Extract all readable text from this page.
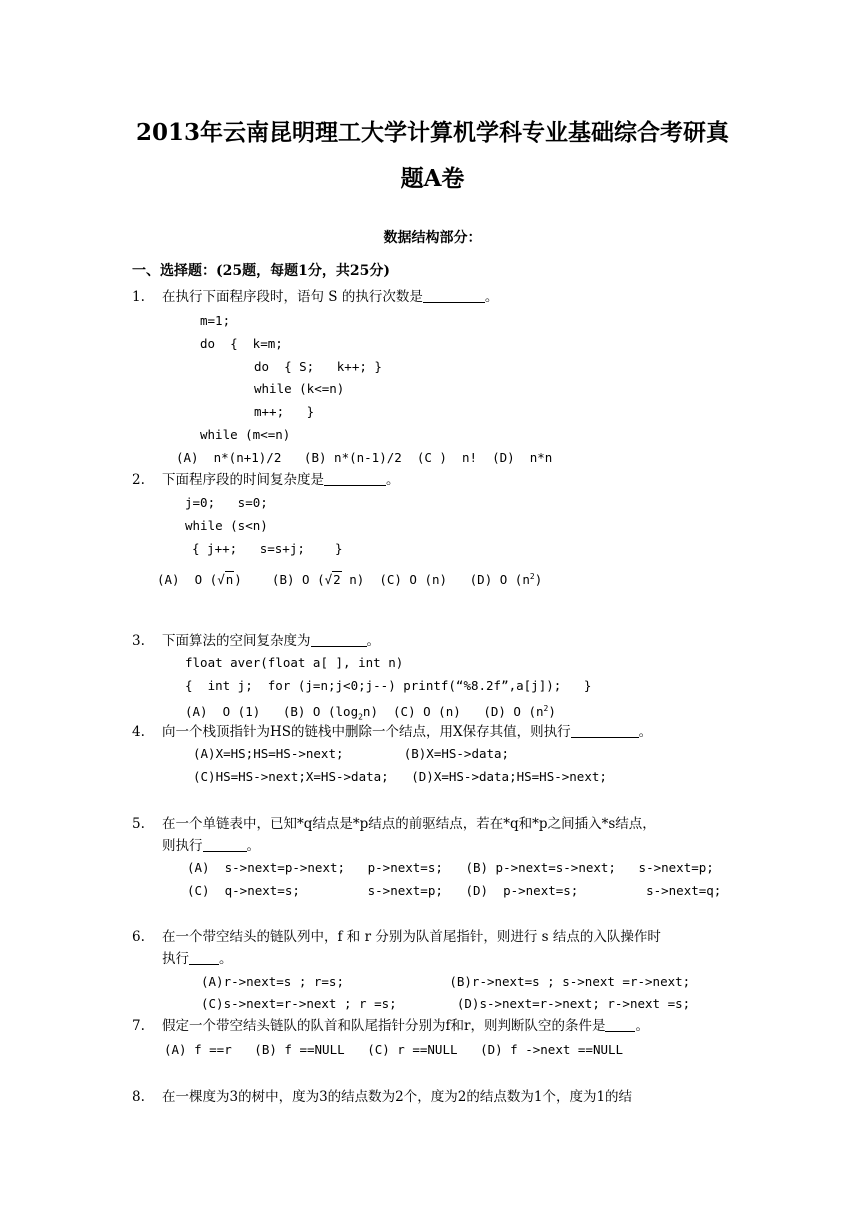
2013年云南昆明理工大学计算机学科专业基础综合考研真
题A卷
数据结构部分：
一、选择题：(25题，每题1分，共25分)
1. 在执行下面程序段时，语句 S 的执行次数是	。
m=1;
do  {  k=m;
do  { S;   k++; }
while (k<=n)
m++;   }
while (m<=n)
(A)  n*(n+1)/2   (B) n*(n-1)/2  (C )  n!  (D)  n*n
2. 下面程序段的时间复杂度是	。
j=0;   s=0;
while (s<n)
{ j++;   s=s+j;    }
(A)  O (√n) (B) O (√2 n) (C) O (n) (D) O $(n^2)$
3. 下面算法的空间复杂度为	。
float aver(float a[ ], int n)
{  int j;  for (j=n;j<0;j--) printf(“%8.2f”,a[j]);   }
(A)  O (1)   (B) O $(\log_2n)$  (C) O (n)   (D) O $(n^2)$
4. 向一个栈顶指针为HS的链栈中删除一个结点，用X保存其值，则执行	。
(A)X=HS;HS=HS->next;        (B)X=HS->data;
(C)HS=HS->next;X=HS->data;   (D)X=HS->data;HS=HS->next;
5. 在一个单链表中，已知*q结点是*p结点的前驱结点，若在*q和*p之间插入*s结点，
则执行	。
(A)  s->next=p->next;   p->next=s;   (B) p->next=s->next;   s->next=p;
(C)  q->next=s;         s->next=p;   (D)  p->next=s;         s->next=q;
6. 在一个带空结头的链队列中，f 和 r 分别为队首尾指针，则进行 s 结点的入队操作时
执行 。
(A)r->next=s ; r=s;              (B)r->next=s ; s->next =r->next;
(C)s->next=r->next ; r =s;        (D)s->next=r->next; r->next =s;
7. 假定一个带空结头链队的队首和队尾指针分别为f和r，则判断队空的条件是 。
(A) f ==r   (B) f ==NULL   (C) r ==NULL   (D) f ->next ==NULL
8. 在一棵度为3的树中，度为3的结点数为2个，度为2的结点数为1个，度为1的结
